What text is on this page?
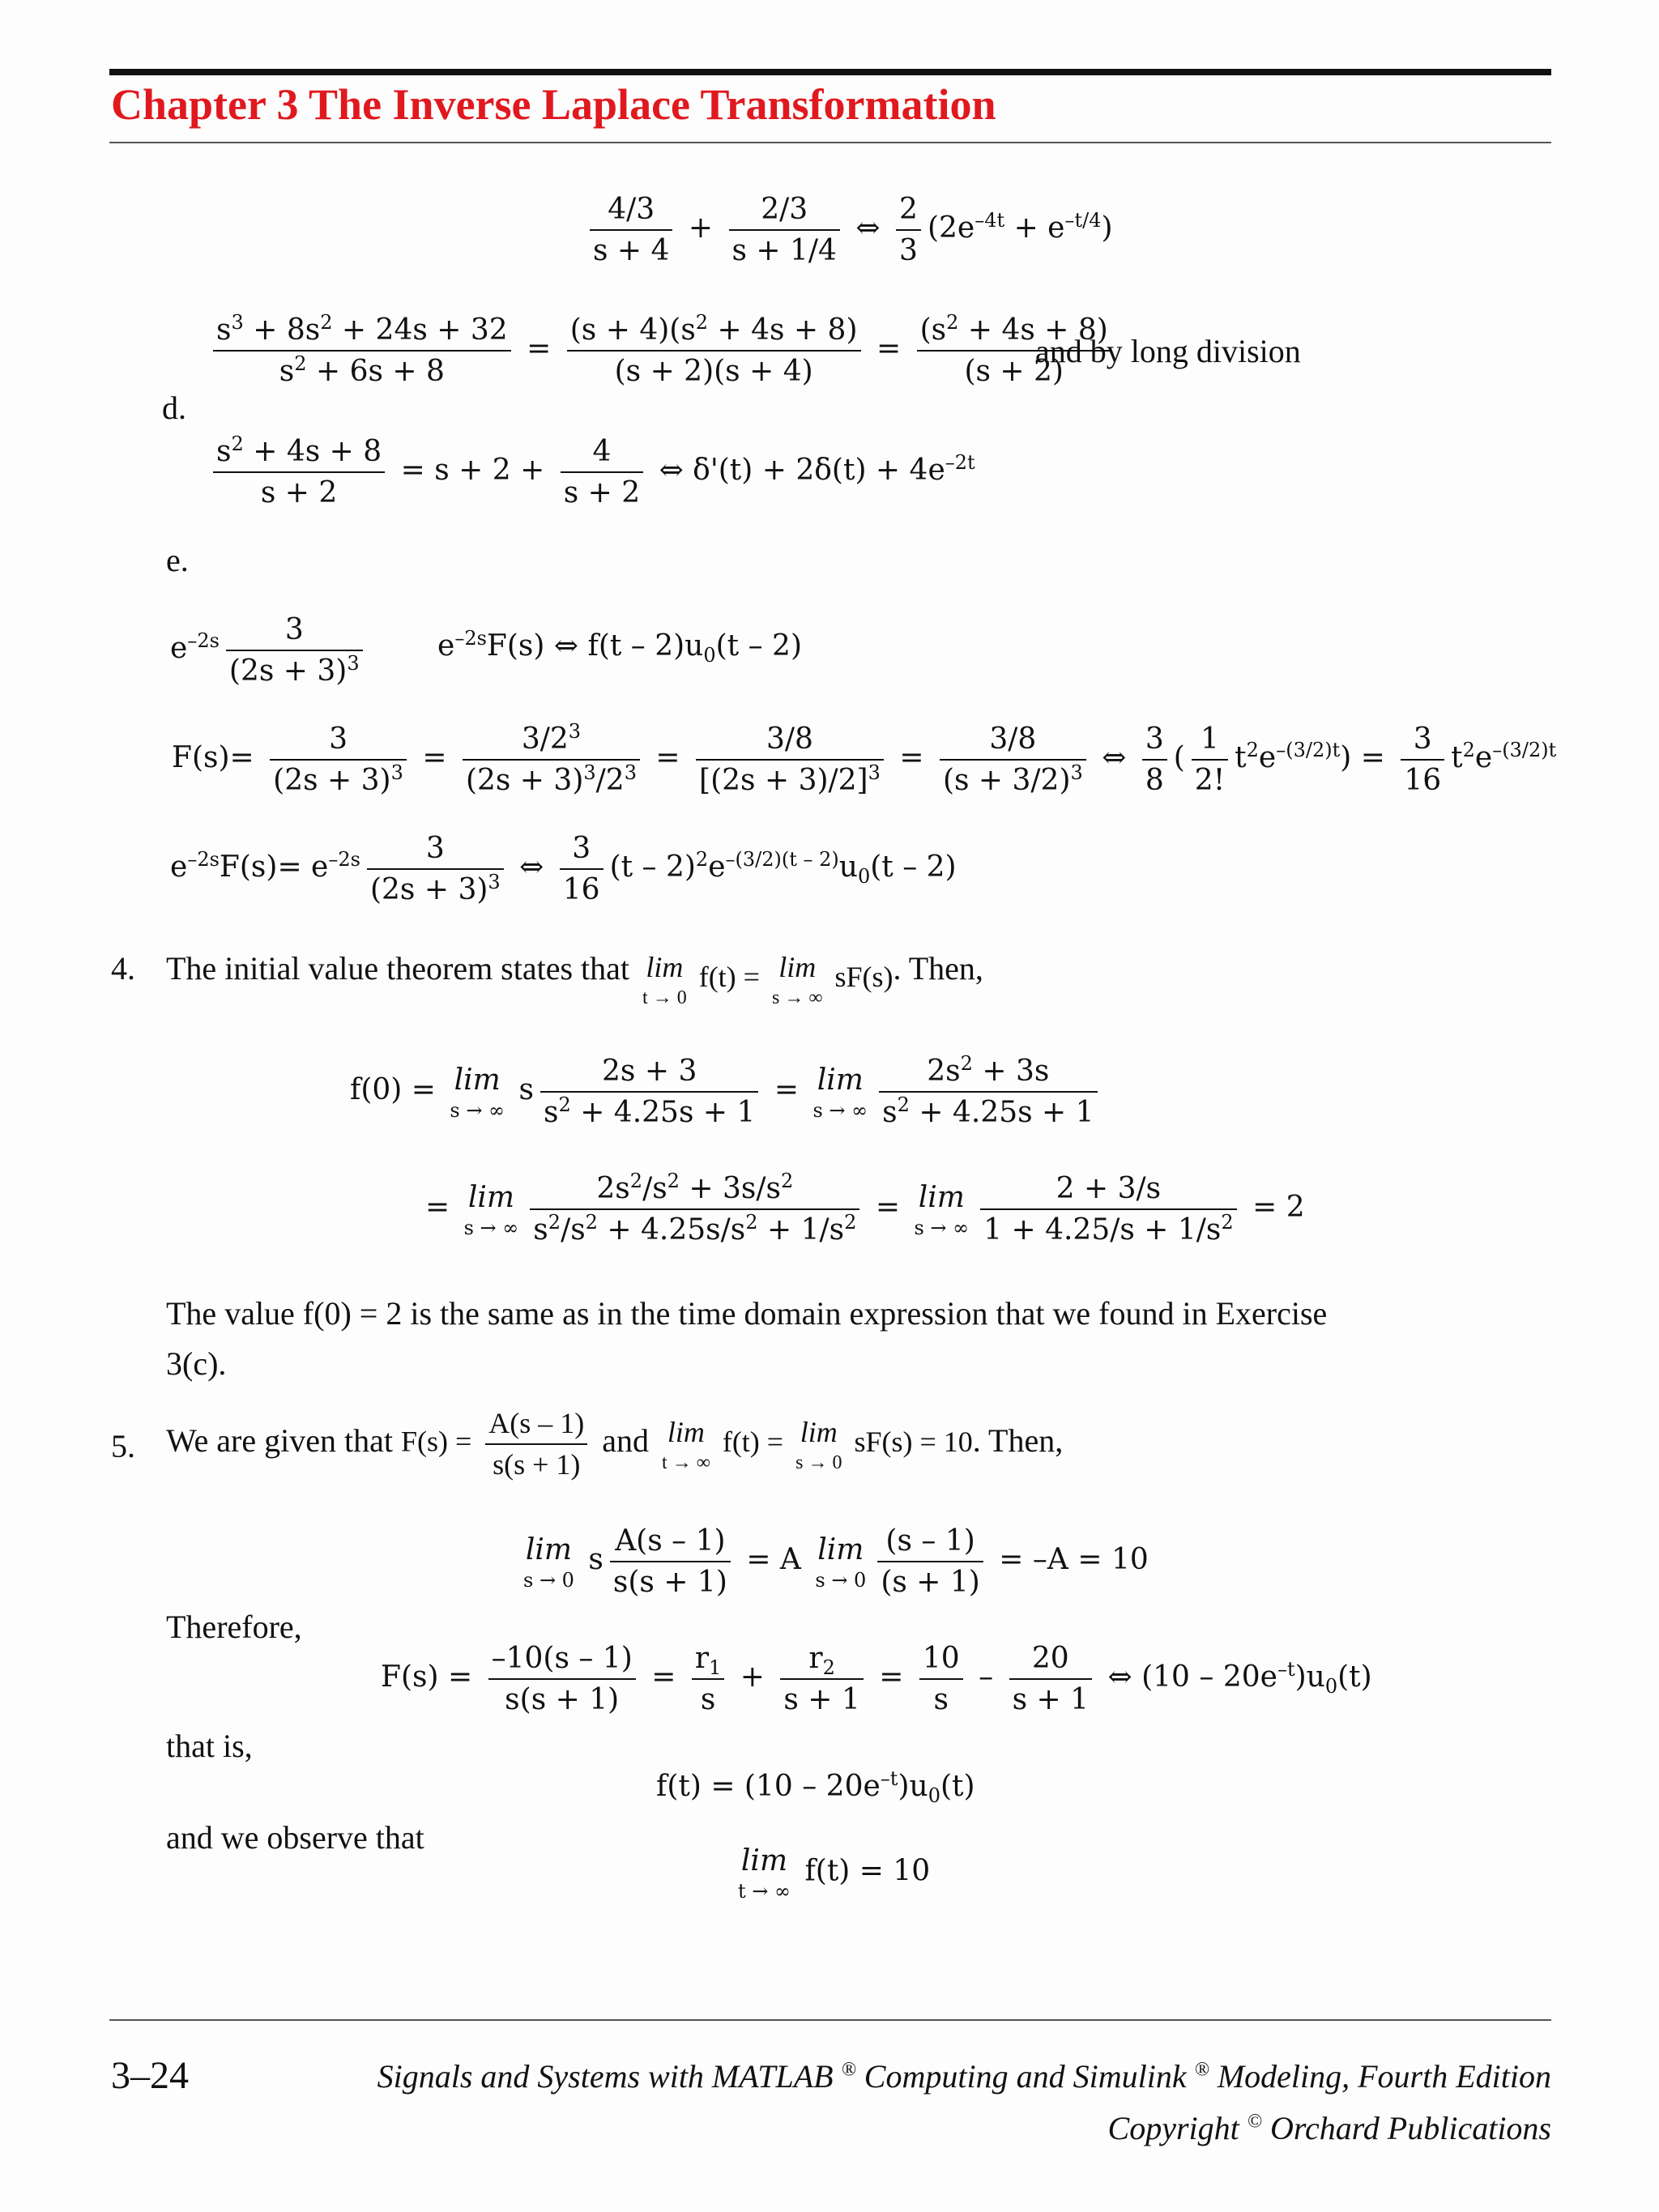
Chapter 3 The Inverse Laplace Transformation
$\frac{4/3}{s + 4} + \frac{2/3}{s + 1/4}$ ⇔ $\frac{2}{3} (2e^{-4t} + e^{-t/4})$
d.
$\frac{s^3 + 8s^2 + 24s + 32}{s^2 + 6s + 8} = \frac{(s + 4)(s^2 + 4s + 8)}{(s + 2)(s + 4)} = \frac{(s^2 + 4s + 8)}{(s + 2)}$
and by long division
$\frac{s^2 + 4s + 8}{s + 2} = s + 2 + \frac{4}{s + 2}$ ⇔ $\delta'(t) + 2\delta(t) + 4e^{-2t}$
e.
$e^{-2s} \frac{3}{(2s + 3)^3}$	$e^{-2s}F(s)$ ⇔ $f(t - 2)u_0(t - 2)$
$F(s)= \frac{3}{(2s + 3)^3} = \frac{3/2^3}{(2s + 3)^3/2^3} = \frac{3/8}{[(2s + 3)/2]^3} = \frac{3/8}{(s + 3/2)^3}$ ⇔ $\frac{3}{8}$ ( $\frac{1}{2!} t^2e^{-(3/2)t}) = \frac{3}{16} t^2e^{-(3/2)t}$
$e^{-2s}F(s)= e^{-2s} \frac{3}{(2s + 3)^3}$ ⇔ $\frac{3}{16} (t - 2)^2e^{-(3/2)(t - 2)}u_0(t - 2)$
4. The initial value theorem states that lim
t → 0
f(t) = lim
s → ∞
sF(s). Then,
f(0) = lim
s → ∞
s $\frac{2s + 3}{s^2 + 4.25s + 1} = \lim$
s → ∞ $\frac{2s^2 + 3s}{s^2 + 4.25s + 1}$
= lim
s → ∞ $\frac{2s^2/s^2 + 3s/s^2}{s^2/s^2 + 4.25s/s^2 + 1/s^2} = \lim$
s → ∞ $\frac{2 + 3/s}{1 + 4.25/s + 1/s^2} = 2$
The value f(0) = 2 is the same as in the time domain expression that we found in Exercise
3(c).
5. We are given that $F(s) = \frac{A(s - 1)}{s(s + 1)}$ and lim
t → ∞
f(t) = lim
s → 0
sF(s) = 10. Then,
lim
s → 0
s $\frac{A(s - 1)}{s(s + 1)} = A$ lim
$s \to 0 \frac{(s - 1)}{(s + 1)} = -A = 10$
Therefore,
$F(s) = \frac{-10(s - 1)}{s(s + 1)} = \frac{r_1}{s} + \frac{r_2}{s + 1} = \frac{10}{s} - \frac{20}{s + 1}$ ⇔ $(10 - 20e^{-t})u_0(t)$
that is,
$f(t) = (10 - 20e^{-t})u_0(t)$
and we observe that
lim
t → ∞
f(t) = 10
3–24	Signals and Systems with MATLAB ® Computing and Simulink ® Modeling, Fourth Edition
Copyright © Orchard Publications
